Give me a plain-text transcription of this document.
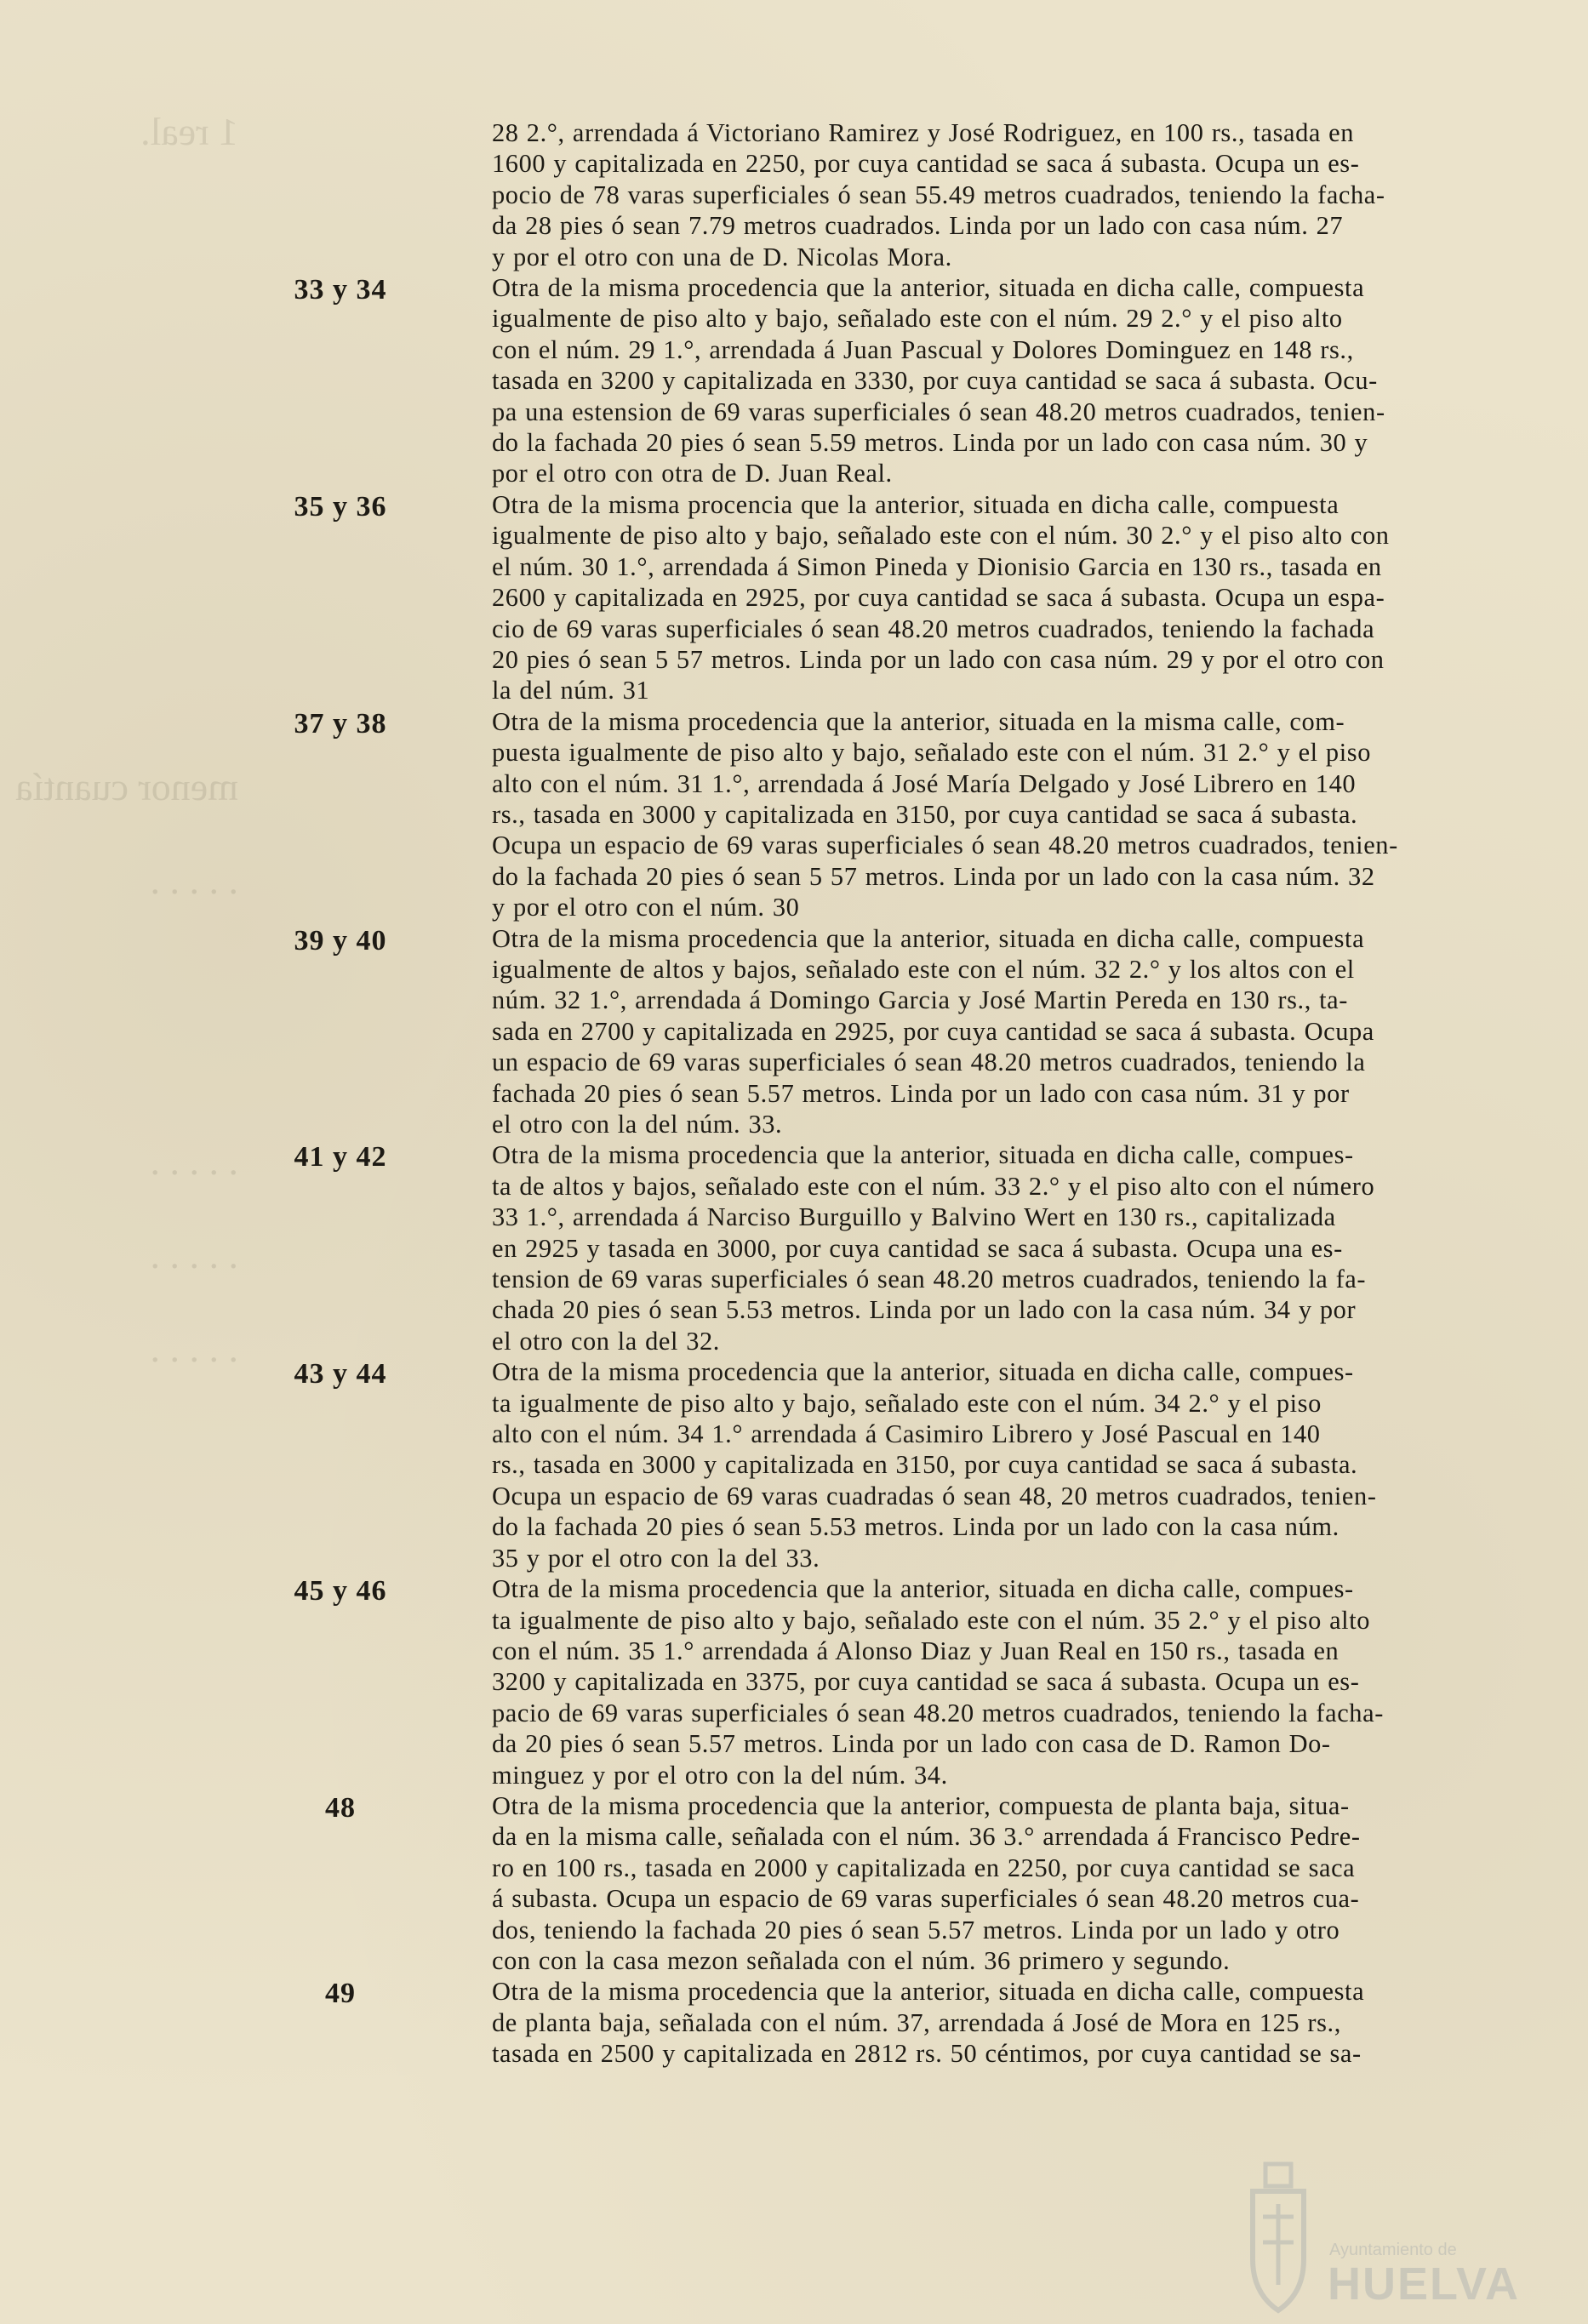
1 real.

menor cuantía
. . . . .

. . . . .
. . . . .
. . . . .
28 2.°, arrendada á Victoriano Ramirez y José Rodriguez, en 100 rs., tasada en
1600 y capitalizada en 2250, por cuya cantidad se saca á subasta. Ocupa un es-
pocio de 78 varas superficiales ó sean 55.49 metros cuadrados, teniendo la facha-
da 28 pies ó sean 7.79 metros cuadrados. Linda por un lado con casa núm. 27
y por el otro con una de D. Nicolas Mora.
33 y 34	Otra de la misma procedencia que la anterior, situada en dicha calle, compuesta
igualmente de piso alto y bajo, señalado este con el núm. 29 2.° y el piso alto
con el núm. 29 1.°, arrendada á Juan Pascual y Dolores Dominguez en 148 rs.,
tasada en 3200 y capitalizada en 3330, por cuya cantidad se saca á subasta. Ocu-
pa una estension de 69 varas superficiales ó sean 48.20 metros cuadrados, tenien-
do la fachada 20 pies ó sean 5.59 metros. Linda por un lado con casa núm. 30 y
por el otro con otra de D. Juan Real.
35 y 36	Otra de la misma procencia que la anterior, situada en dicha calle, compuesta
igualmente de piso alto y bajo, señalado este con el núm. 30 2.° y el piso alto con
el núm. 30 1.°, arrendada á Simon Pineda y Dionisio Garcia en 130 rs., tasada en
2600 y capitalizada en 2925, por cuya cantidad se saca á subasta. Ocupa un espa-
cio de 69 varas superficiales ó sean 48.20 metros cuadrados, teniendo la fachada
20 pies ó sean 5 57 metros. Linda por un lado con casa núm. 29 y por el otro con
la del núm. 31
37 y 38	Otra de la misma procedencia que la anterior, situada en la misma calle, com-
puesta igualmente de piso alto y bajo, señalado este con el núm. 31 2.° y el piso
alto con el núm. 31 1.°, arrendada á José María Delgado y José Librero en 140
rs., tasada en 3000 y capitalizada en 3150, por cuya cantidad se saca á subasta.
Ocupa un espacio de 69 varas superficiales ó sean 48.20 metros cuadrados, tenien-
do la fachada 20 pies ó sean 5 57 metros. Linda por un lado con la casa núm. 32
y por el otro con el núm. 30
39 y 40	Otra de la misma procedencia que la anterior, situada en dicha calle, compuesta
igualmente de altos y bajos, señalado este con el núm. 32 2.° y los altos con el
núm. 32 1.°, arrendada á Domingo Garcia y José Martin Pereda en 130 rs., ta-
sada en 2700 y capitalizada en 2925, por cuya cantidad se saca á subasta. Ocupa
un espacio de 69 varas superficiales ó sean 48.20 metros cuadrados, teniendo la
fachada 20 pies ó sean 5.57 metros. Linda por un lado con casa núm. 31 y por
el otro con la del núm. 33.
41 y 42	Otra de la misma procedencia que la anterior, situada en dicha calle, compues-
ta de altos y bajos, señalado este con el núm. 33 2.° y el piso alto con el número
33 1.°, arrendada á Narciso Burguillo y Balvino Wert en 130 rs., capitalizada
en 2925 y tasada en 3000, por cuya cantidad se saca á subasta. Ocupa una es-
tension de 69 varas superficiales ó sean 48.20 metros cuadrados, teniendo la fa-
chada 20 pies ó sean 5.53 metros. Linda por un lado con la casa núm. 34 y por
el otro con la del 32.
43 y 44	Otra de la misma procedencia que la anterior, situada en dicha calle, compues-
ta igualmente de piso alto y bajo, señalado este con el núm. 34 2.° y el piso
alto con el núm. 34 1.° arrendada á Casimiro Librero y José Pascual en 140
rs., tasada en 3000 y capitalizada en 3150, por cuya cantidad se saca á subasta.
Ocupa un espacio de 69 varas cuadradas ó sean 48, 20 metros cuadrados, tenien-
do la fachada 20 pies ó sean 5.53 metros. Linda por un lado con la casa núm.
35 y por el otro con la del 33.
45 y 46	Otra de la misma procedencia que la anterior, situada en dicha calle, compues-
ta igualmente de piso alto y bajo, señalado este con el núm. 35 2.° y el piso alto
con el núm. 35 1.° arrendada á Alonso Diaz y Juan Real en 150 rs., tasada en
3200 y capitalizada en 3375, por cuya cantidad se saca á subasta. Ocupa un es-
pacio de 69 varas superficiales ó sean 48.20 metros cuadrados, teniendo la facha-
da 20 pies ó sean 5.57 metros. Linda por un lado con casa de D. Ramon Do-
minguez y por el otro con la del núm. 34.
48	Otra de la misma procedencia que la anterior, compuesta de planta baja, situa-
da en la misma calle, señalada con el núm. 36 3.° arrendada á Francisco Pedre-
ro en 100 rs., tasada en 2000 y capitalizada en 2250, por cuya cantidad se saca
á subasta. Ocupa un espacio de 69 varas superficiales ó sean 48.20 metros cua-
dos, teniendo la fachada 20 pies ó sean 5.57 metros. Linda por un lado y otro
con con la casa mezon señalada con el núm. 36 primero y segundo.
49	Otra de la misma procedencia que la anterior, situada en dicha calle, compuesta
de planta baja, señalada con el núm. 37, arrendada á José de Mora en 125 rs.,
tasada en 2500 y capitalizada en 2812 rs. 50 céntimos, por cuya cantidad se sa-
Ayuntamiento de
HUELVA
